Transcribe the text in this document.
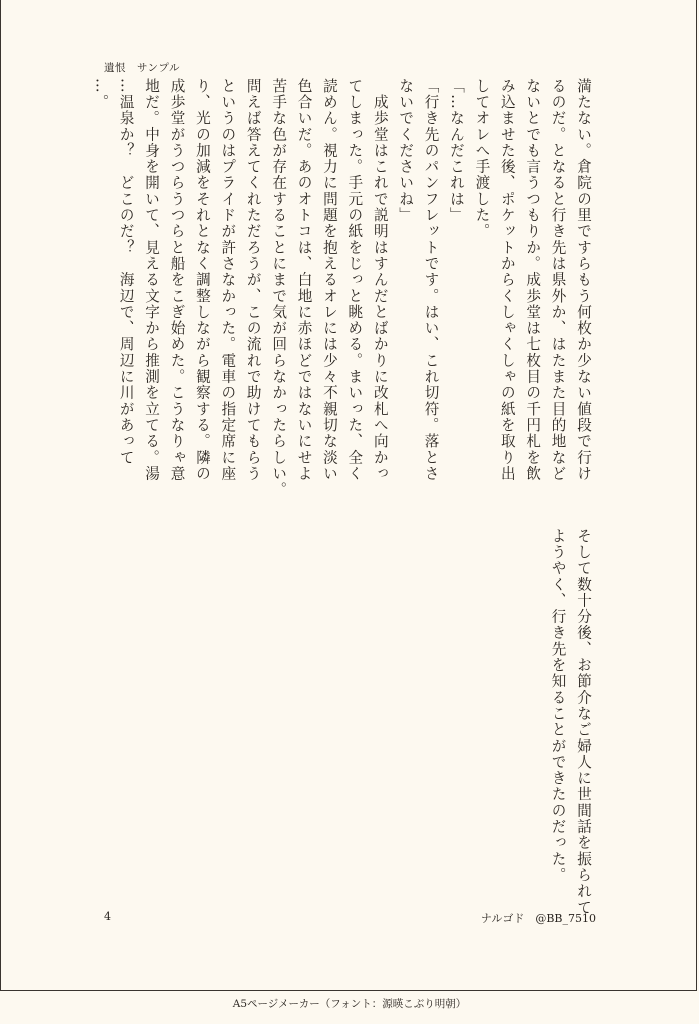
遺恨　サンプル

満たない。倉院の里ですらもう何枚か少ない値段で行け

るのだ。となると行き先は県外か、はたまた目的地など

ないとでも言うつもりか。成歩堂は七枚目の千円札を飲

み込ませた後、ポケットからくしゃくしゃの紙を取り出

してオレへ手渡した。

「…なんだこれは」

「行き先のパンフレットです。はい、これ切符。落とさ

ないでくださいね」

　成歩堂はこれで説明はすんだとばかりに改札へ向かっ

てしまった。手元の紙をじっと眺める。まいった、全く

読めん。視力に問題を抱えるオレには少々不親切な淡い

色合いだ。あのオトコは、白地に赤ほどではないにせよ

苦手な色が存在することにまで気が回らなかったらしい。

問えば答えてくれただろうが、この流れで助けてもらう

というのはプライドが許さなかった。電車の指定席に座

り、光の加減をそれとなく調整しながら観察する。隣の

成歩堂がうつらうつらと船をこぎ始めた。こうなりゃ意

地だ。中身を開いて、見える文字から推測を立てる。湯

…温泉か？　どこのだ？　海辺で、周辺に川があって

…。

そして数十分後、お節介なご婦人に世間話を振られて

ようやく、行き先を知ることができたのだった。

4	ナルゴド　@BB_7510
A5ページメーカー（フォント：源暎こぶり明朝）
